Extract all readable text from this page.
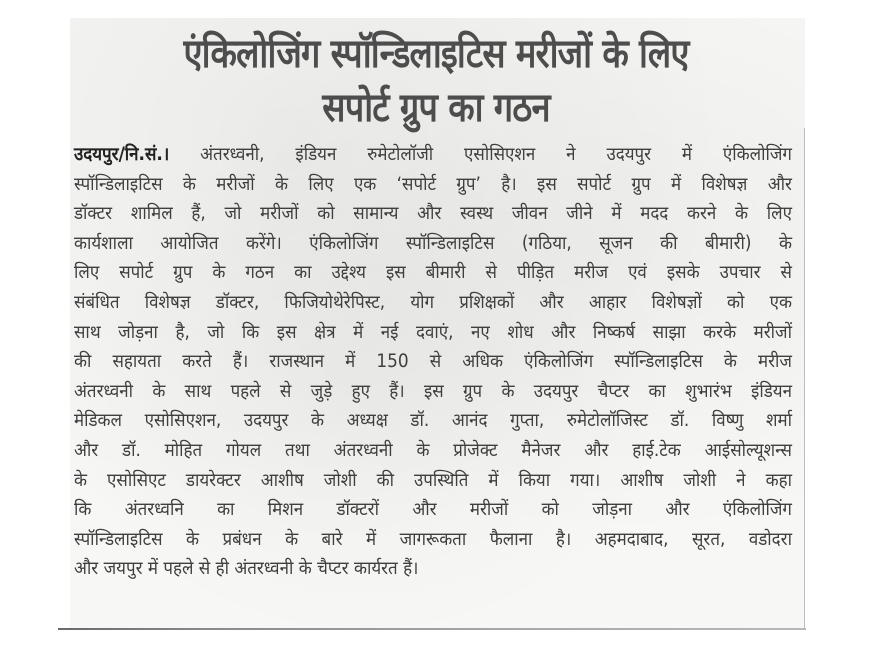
एंकिलोजिंग स्पॉन्डिलाइटिस मरीजों के लिए
सपोर्ट ग्रुप का गठन
उदयपुर/नि.सं.। अंतरध्वनी, इंडियन रुमेटोलॉजी एसोसिएशन ने उदयपुर में एंकिलोजिंग
स्पॉन्डिलाइटिस के मरीजों के लिए एक ‘सपोर्ट ग्रुप’ है। इस सपोर्ट ग्रुप में विशेषज्ञ और
डॉक्टर शामिल हैं, जो मरीजों को सामान्य और स्वस्थ जीवन जीने में मदद करने के लिए
कार्यशाला आयोजित करेंगे। एंकिलोजिंग स्पॉन्डिलाइटिस (गठिया, सूजन की बीमारी) के
लिए सपोर्ट ग्रुप के गठन का उद्देश्य इस बीमारी से पीड़ित मरीज एवं इसके उपचार से
संबंधित विशेषज्ञ डॉक्टर, फिजियोथेरेपिस्ट, योग प्रशिक्षकों और आहार विशेषज्ञों को एक
साथ जोड़ना है, जो कि इस क्षेत्र में नई दवाएं, नए शोध और निष्कर्ष साझा करके मरीजों
की सहायता करते हैं। राजस्थान में 150 से अधिक एंकिलोजिंग स्पॉन्डिलाइटिस के मरीज
अंतरध्वनी के साथ पहले से जुड़े हुए हैं। इस ग्रुप के उदयपुर चैप्टर का शुभारंभ इंडियन
मेडिकल एसोसिएशन, उदयपुर के अध्यक्ष डॉ. आनंद गुप्ता, रुमेटोलॉजिस्ट डॉ. विष्णु शर्मा
और डॉ. मोहित गोयल तथा अंतरध्वनी के प्रोजेक्ट मैनेजर और हाई.टेक आईसोल्यूशन्स
के एसोसिएट डायरेक्टर आशीष जोशी की उपस्थिति में किया गया। आशीष जोशी ने कहा
कि अंतरध्वनि का मिशन डॉक्टरों और मरीजों को जोड़ना और एंकिलोजिंग
स्पॉन्डिलाइटिस के प्रबंधन के बारे में जागरूकता फैलाना है। अहमदाबाद, सूरत, वडोदरा
और जयपुर में पहले से ही अंतरध्वनी के चैप्टर कार्यरत हैं।
